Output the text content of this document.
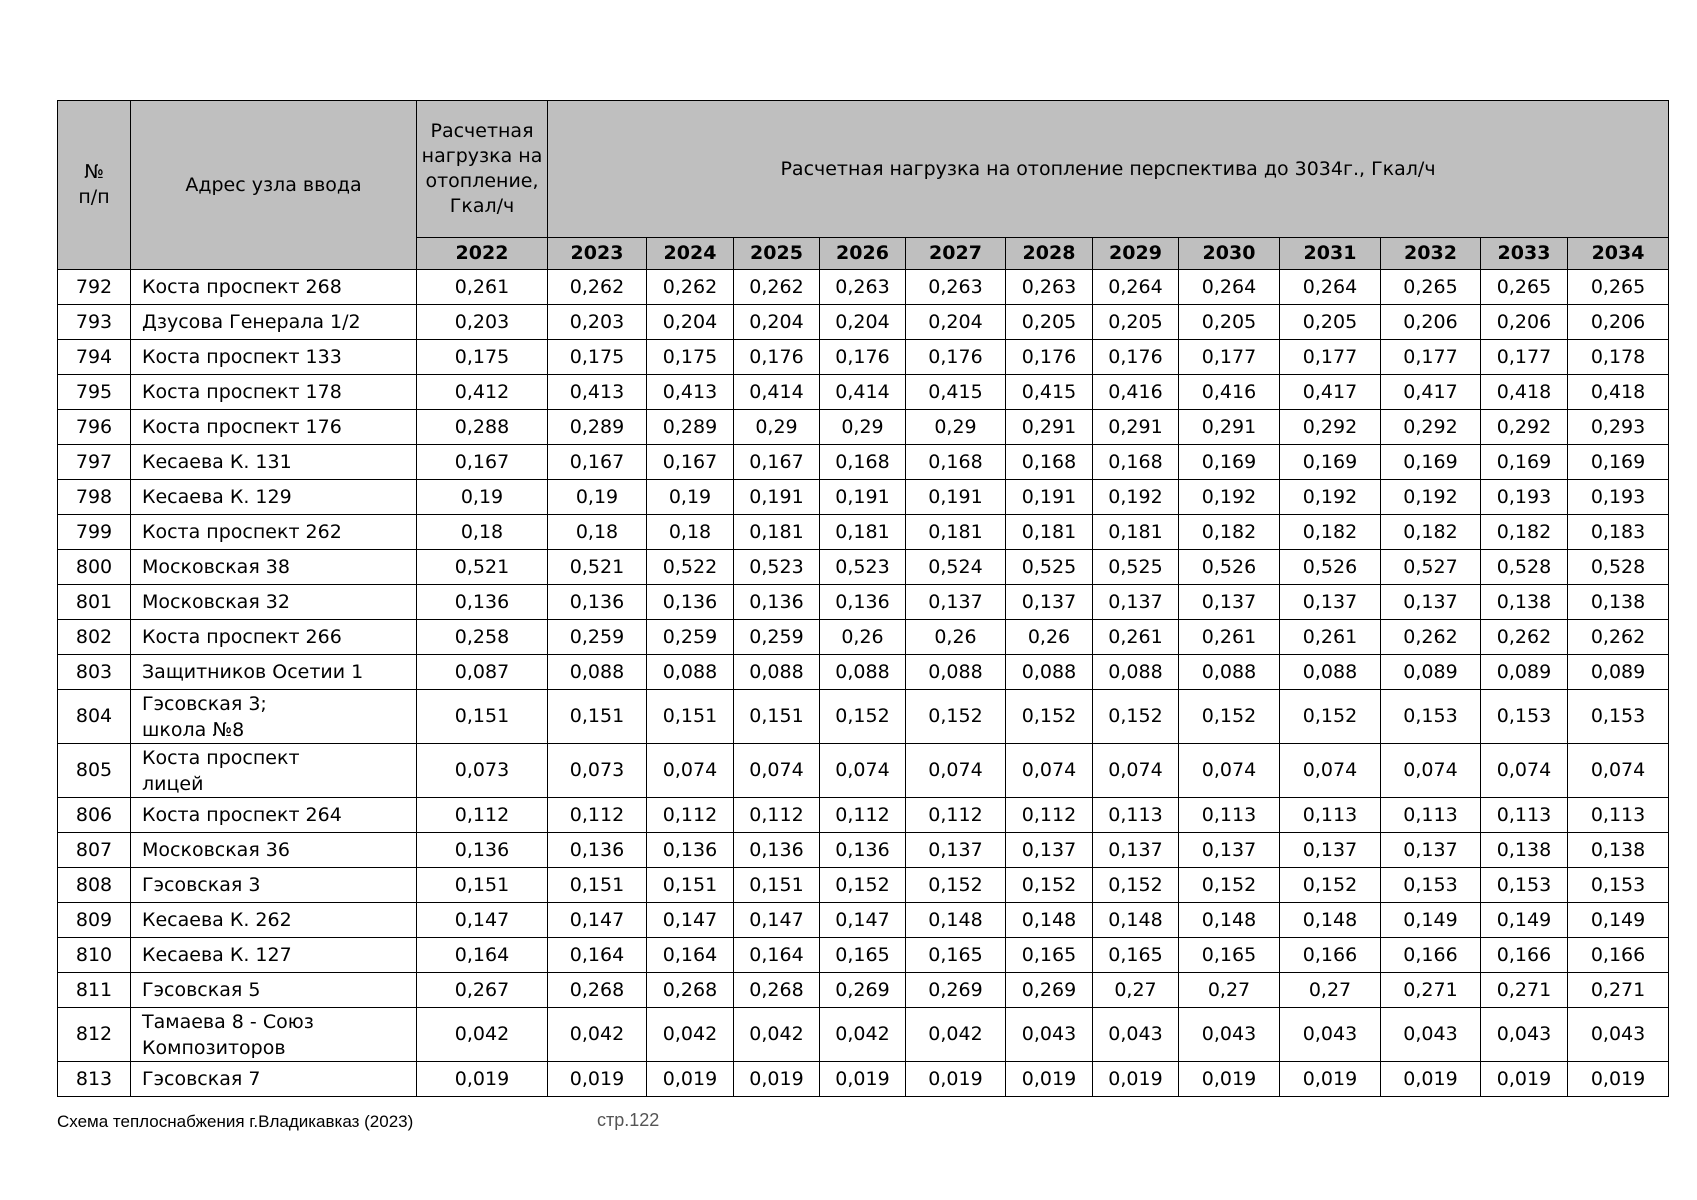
№ п/п	Адрес узла ввода	Расчетная нагрузка на отопление, Гкал/ч	Расчетная нагрузка на отопление перспектива до 3034г., Гкал/ч											
		2022	2023	2024	2025	2026	2027	2028	2029	2030	2031	2032	2033	2034
792	Коста проспект 268	0,261	0,262	0,262	0,262	0,263	0,263	0,263	0,264	0,264	0,264	0,265	0,265	0,265
793	Дзусова Генерала 1/2	0,203	0,203	0,204	0,204	0,204	0,204	0,205	0,205	0,205	0,205	0,206	0,206	0,206
794	Коста проспект 133	0,175	0,175	0,175	0,176	0,176	0,176	0,176	0,176	0,177	0,177	0,177	0,177	0,178
795	Коста проспект 178	0,412	0,413	0,413	0,414	0,414	0,415	0,415	0,416	0,416	0,417	0,417	0,418	0,418
796	Коста проспект 176	0,288	0,289	0,289	0,29	0,29	0,29	0,291	0,291	0,291	0,292	0,292	0,292	0,293
797	Кесаева К. 131	0,167	0,167	0,167	0,167	0,168	0,168	0,168	0,168	0,169	0,169	0,169	0,169	0,169
798	Кесаева К. 129	0,19	0,19	0,19	0,191	0,191	0,191	0,191	0,192	0,192	0,192	0,192	0,193	0,193
799	Коста проспект 262	0,18	0,18	0,18	0,181	0,181	0,181	0,181	0,181	0,182	0,182	0,182	0,182	0,183
800	Московская 38	0,521	0,521	0,522	0,523	0,523	0,524	0,525	0,525	0,526	0,526	0,527	0,528	0,528
801	Московская 32	0,136	0,136	0,136	0,136	0,136	0,137	0,137	0,137	0,137	0,137	0,137	0,138	0,138
802	Коста проспект 266	0,258	0,259	0,259	0,259	0,26	0,26	0,26	0,261	0,261	0,261	0,262	0,262	0,262
803	Защитников Осетии 1	0,087	0,088	0,088	0,088	0,088	0,088	0,088	0,088	0,088	0,088	0,089	0,089	0,089
804	Гэсовская 3;
школа №8	0,151	0,151	0,151	0,151	0,152	0,152	0,152	0,152	0,152	0,152	0,153	0,153	0,153
805	Коста проспект
лицей	0,073	0,073	0,074	0,074	0,074	0,074	0,074	0,074	0,074	0,074	0,074	0,074	0,074
806	Коста проспект 264	0,112	0,112	0,112	0,112	0,112	0,112	0,112	0,113	0,113	0,113	0,113	0,113	0,113
807	Московская 36	0,136	0,136	0,136	0,136	0,136	0,137	0,137	0,137	0,137	0,137	0,137	0,138	0,138
808	Гэсовская 3	0,151	0,151	0,151	0,151	0,152	0,152	0,152	0,152	0,152	0,152	0,153	0,153	0,153
809	Кесаева К. 262	0,147	0,147	0,147	0,147	0,147	0,148	0,148	0,148	0,148	0,148	0,149	0,149	0,149
810	Кесаева К. 127	0,164	0,164	0,164	0,164	0,165	0,165	0,165	0,165	0,165	0,166	0,166	0,166	0,166
811	Гэсовская 5	0,267	0,268	0,268	0,268	0,269	0,269	0,269	0,27	0,27	0,27	0,271	0,271	0,271
812	Тамаева 8 - Союз
Композиторов	0,042	0,042	0,042	0,042	0,042	0,042	0,043	0,043	0,043	0,043	0,043	0,043	0,043
813	Гэсовская 7	0,019	0,019	0,019	0,019	0,019	0,019	0,019	0,019	0,019	0,019	0,019	0,019	0,019
Схема теплоснабжения г.Владикавказ (2023)	стр.122
